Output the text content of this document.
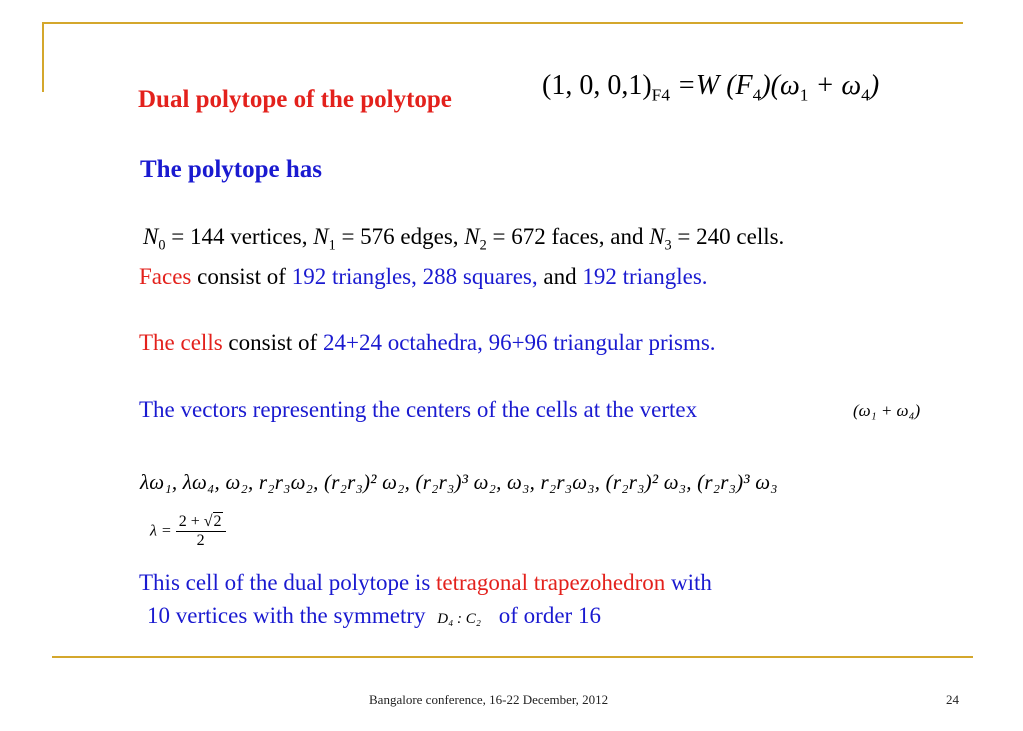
Dual polytope of the polytope	(1, 0, $0,1)_{F4} =W$ $(F_4)(\omega_1 + \omega_4)$
The polytope has
$N_0 = 144$ vertices, $N_1 = 576$ edges, $N_2 = 672$ faces, and $N_3 = 240$ cells.
Faces consist of 192 triangles, 288 squares, and 192 triangles.
The cells consist of 24+24 octahedra, 96+96 triangular prisms.
The vectors representing the centers of the cells at the vertex	(ω₁ + ω₄)
λω₁, λω₄, ω₂, r₂r₃ω₂, (r₂r₃)² ω₂, (r₂r₃)³ ω₂, ω₃, r₂r₃ω₃, (r₂r₃)² ω₃, (r₂r₃)³ ω₃
$\lambda = \frac{2 + √2}{2}$
This cell of the dual polytope is tetragonal trapezohedron with
10 vertices with the symmetry D₄ : C₂ of order 16
Bangalore conference, 16-22 December, 2012	24
